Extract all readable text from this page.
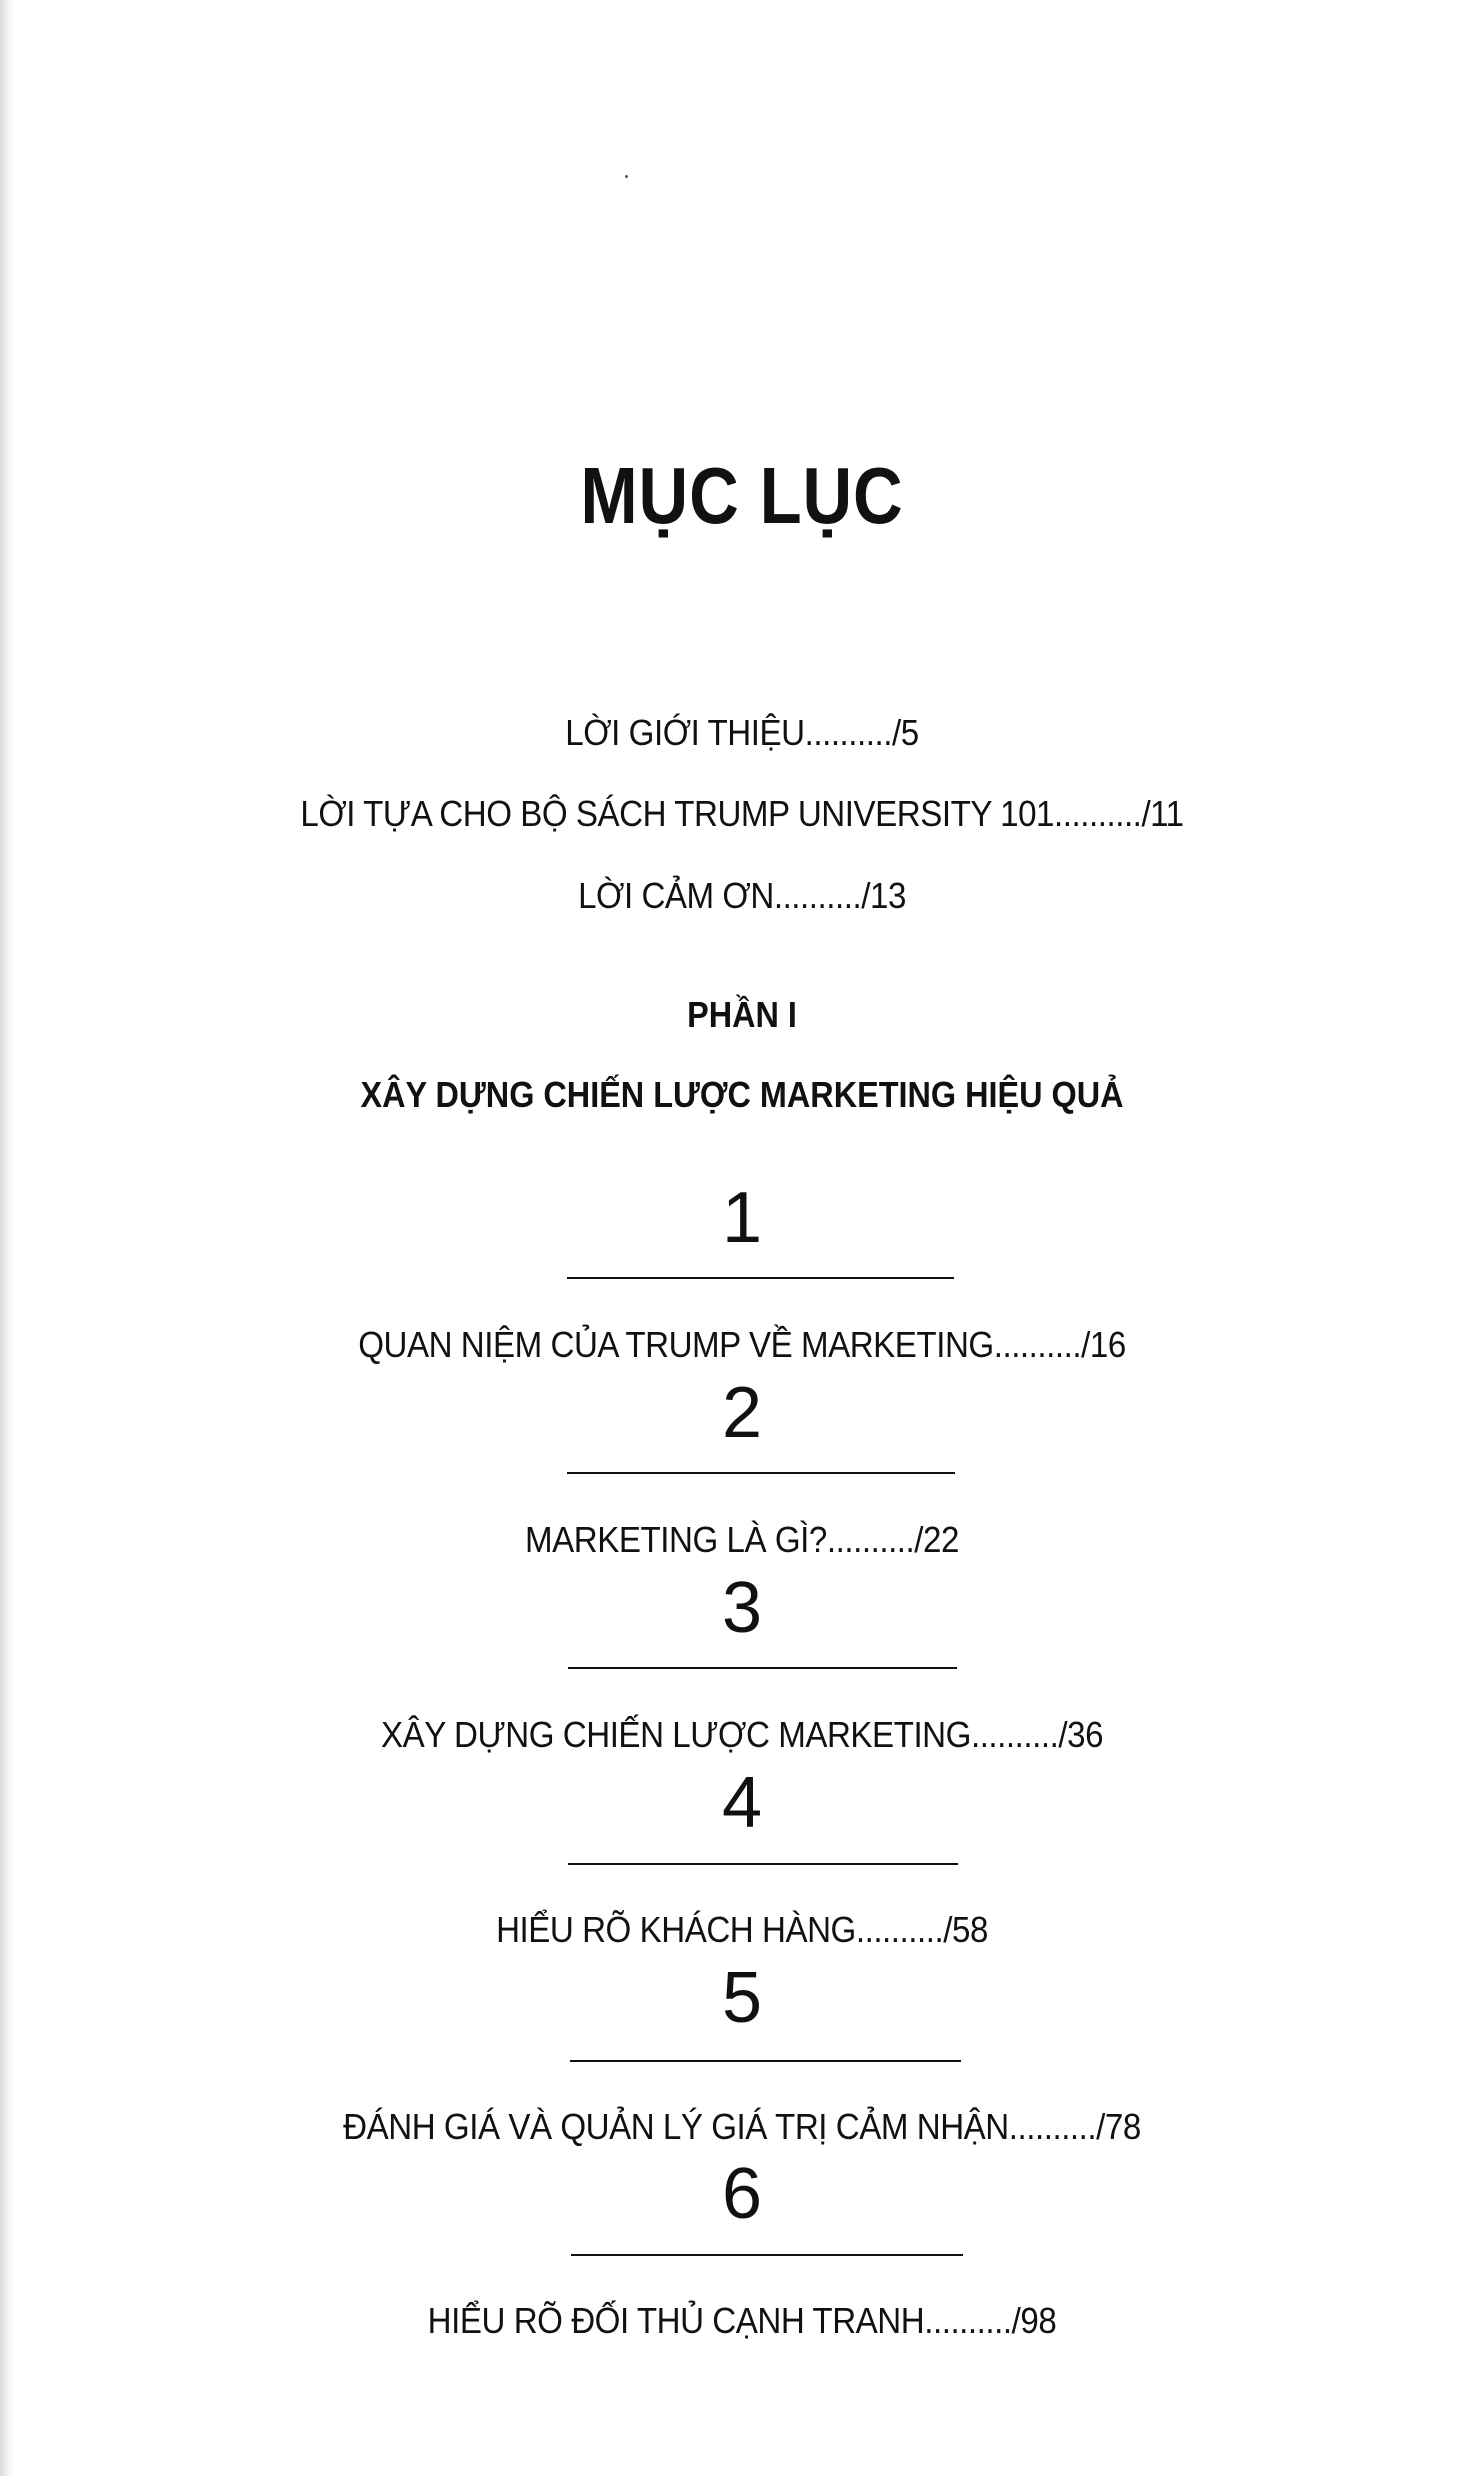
MỤC LỤC
LỜI GIỚI THIỆU........../5
LỜI TỰA CHO BỘ SÁCH TRUMP UNIVERSITY 101........../11
LỜI CẢM ƠN........../13
PHẦN I
XÂY DỰNG CHIẾN LƯỢC MARKETING HIỆU QUẢ
1
QUAN NIỆM CỦA TRUMP VỀ MARKETING........../16
2
MARKETING LÀ GÌ?........../22
3
XÂY DỰNG CHIẾN LƯỢC MARKETING........../36
4
HIỂU RÕ KHÁCH HÀNG........../58
5
ĐÁNH GIÁ VÀ QUẢN LÝ GIÁ TRỊ CẢM NHẬN........../78
6
HIỂU RÕ ĐỐI THỦ CẠNH TRANH........../98
